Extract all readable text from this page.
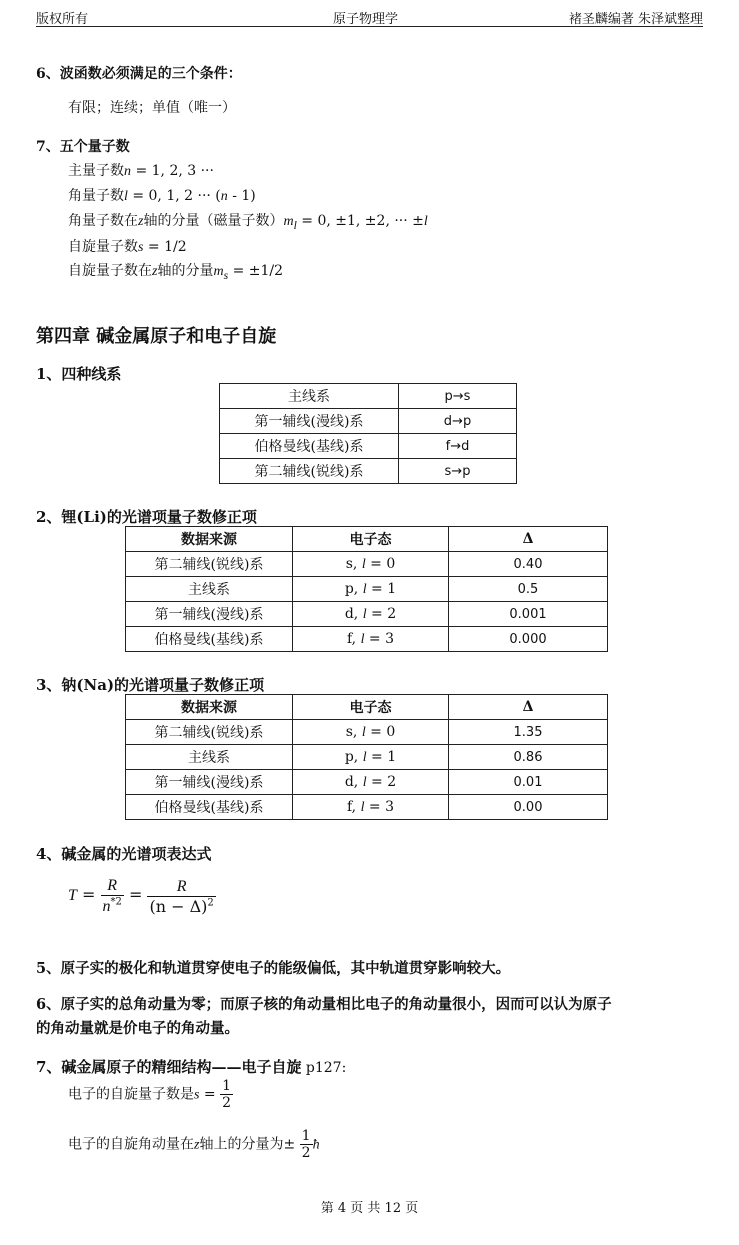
版权所有	原子物理学	褚圣麟编著 朱泽斌整理
6、波函数必须满足的三个条件：
有限；连续；单值（唯一）
7、五个量子数
主量子数n = 1, 2, 3 ···
角量子数l = 0, 1, 2 ··· (n - 1)
角量子数在z轴的分量（磁量子数）$m_l = 0$, ±1, ±2, ··· ±l
自旋量子数s = 1/2
自旋量子数在z轴的分量$m_s = \pm 1/2$
第四章 碱金属原子和电子自旋
1、四种线系
主线系	p→s
第一辅线(漫线)系	d→p
伯格曼线(基线)系	f→d
第二辅线(锐线)系	s→p
2、锂(Li)的光谱项量子数修正项
数据来源	电子态	Δ
第二辅线(锐线)系	s, l = 0	0.40
主线系	p, l = 1	0.5
第一辅线(漫线)系	d, l = 2	0.001
伯格曼线(基线)系	f, l = 3	0.000
3、钠(Na)的光谱项量子数修正项
数据来源	电子态	Δ
第二辅线(锐线)系	s, l = 0	1.35
主线系	p, l = 1	0.86
第一辅线(漫线)系	d, l = 2	0.01
伯格曼线(基线)系	f, l = 3	0.00
4、碱金属的光谱项表达式
$T = \frac{R}{n^{*2}} = \frac{R}{(n - \Delta)^2}$
5、原子实的极化和轨道贯穿使电子的能级偏低，其中轨道贯穿影响较大。
6、原子实的总角动量为零；而原子核的角动量相比电子的角动量很小，因而可以认为原子
的角动量就是价电子的角动量。
7、碱金属原子的精细结构——电子自旋 p127:
电子的自旋量子数是$s = \frac{1}{2}$
电子的自旋角动量在z轴上的分量为± $\frac{1}{2}$ ħ
第 4 页 共 12 页
